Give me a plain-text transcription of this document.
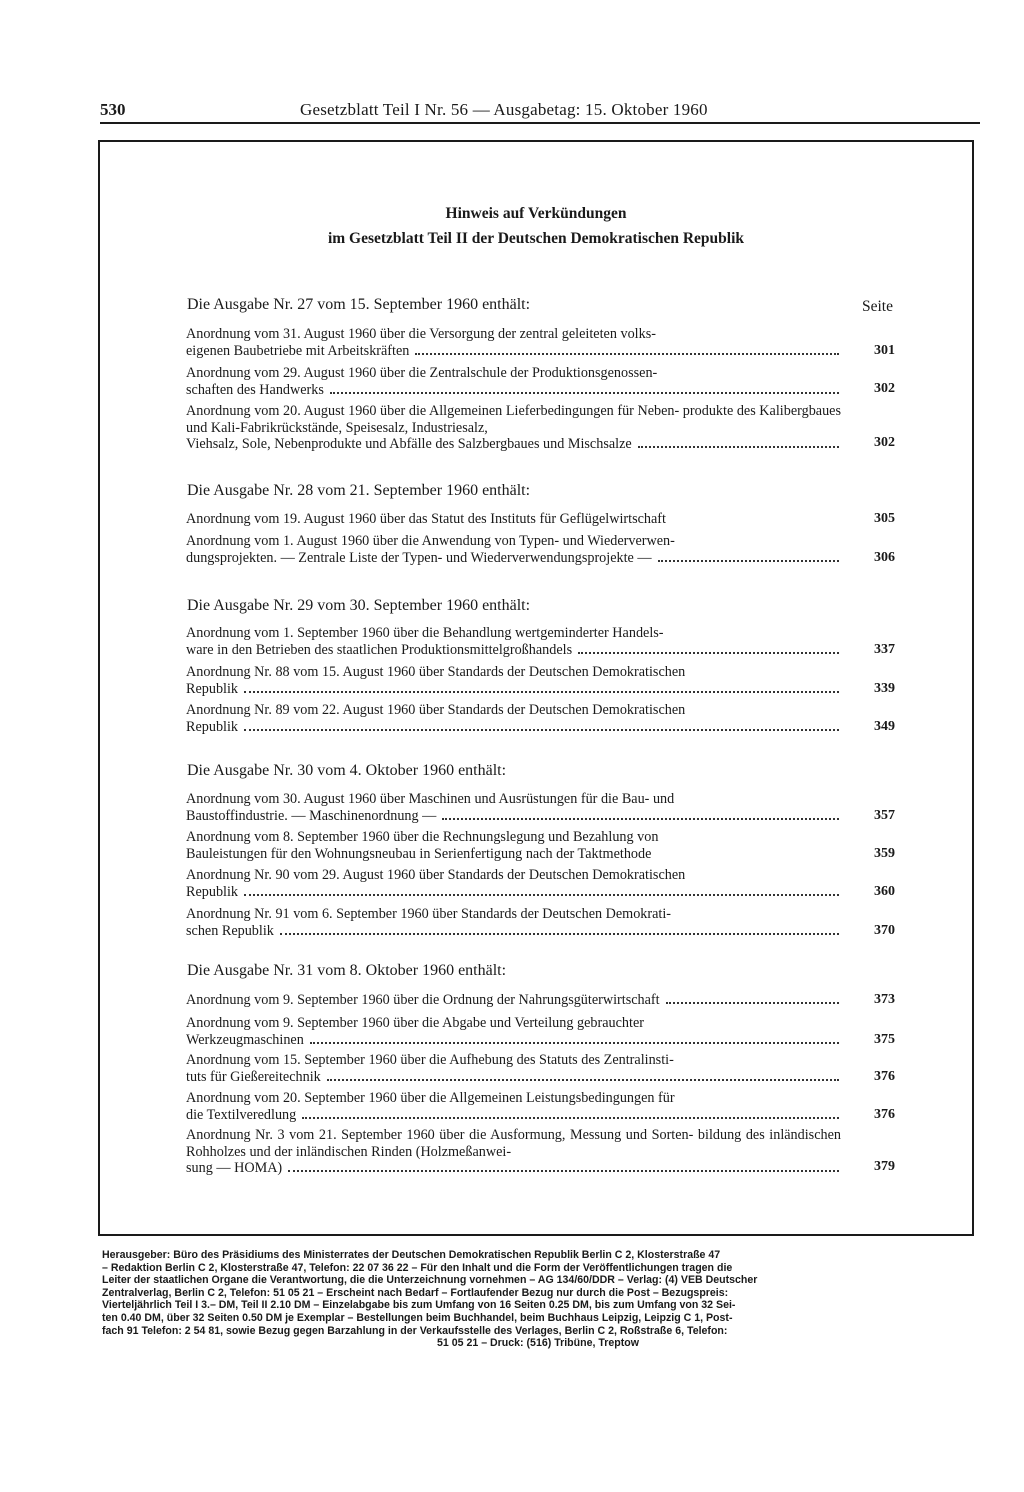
530	Gesetzblatt Teil I Nr. 56 — Ausgabetag: 15. Oktober 1960
Hinweis auf Verkündungen
im Gesetzblatt Teil II der Deutschen Demokratischen Republik
Die Ausgabe Nr. 27 vom 15. September 1960 enthält:	Seite
Anordnung vom 31. August 1960 über die Versorgung der zentral geleiteten volks-
eigenen Baubetriebe mit Arbeitskräften	301
Anordnung vom 29. August 1960 über die Zentralschule der Produktionsgenossen-
schaften des Handwerks	302
Anordnung vom 20. August 1960 über die Allgemeinen Lieferbedingungen für Neben- produkte des Kalibergbaues und Kali-Fabrikrückstände, Speisesalz, Industriesalz,
Viehsalz, Sole, Nebenprodukte und Abfälle des Salzbergbaues und Mischsalze	302
Die Ausgabe Nr. 28 vom 21. September 1960 enthält:
Anordnung vom 19. August 1960 über das Statut des Instituts für Geflügelwirtschaft	305
Anordnung vom 1. August 1960 über die Anwendung von Typen- und Wiederverwen-
dungsprojekten. — Zentrale Liste der Typen- und Wiederverwendungsprojekte —	306
Die Ausgabe Nr. 29 vom 30. September 1960 enthält:
Anordnung vom 1. September 1960 über die Behandlung wertgeminderter Handels-
ware in den Betrieben des staatlichen Produktionsmittelgroßhandels	337
Anordnung Nr. 88 vom 15. August 1960 über Standards der Deutschen Demokratischen
Republik	339
Anordnung Nr. 89 vom 22. August 1960 über Standards der Deutschen Demokratischen
Republik	349
Die Ausgabe Nr. 30 vom 4. Oktober 1960 enthält:
Anordnung vom 30. August 1960 über Maschinen und Ausrüstungen für die Bau- und
Baustoffindustrie. — Maschinenordnung —	357
Anordnung vom 8. September 1960 über die Rechnungslegung und Bezahlung von
Bauleistungen für den Wohnungsneubau in Serienfertigung nach der Taktmethode	359
Anordnung Nr. 90 vom 29. August 1960 über Standards der Deutschen Demokratischen
Republik	360
Anordnung Nr. 91 vom 6. September 1960 über Standards der Deutschen Demokrati-
schen Republik	370
Die Ausgabe Nr. 31 vom 8. Oktober 1960 enthält:
Anordnung vom 9. September 1960 über die Ordnung der Nahrungsgüterwirtschaft	373
Anordnung vom 9. September 1960 über die Abgabe und Verteilung gebrauchter
Werkzeugmaschinen	375
Anordnung vom 15. September 1960 über die Aufhebung des Statuts des Zentralinsti-
tuts für Gießereitechnik	376
Anordnung vom 20. September 1960 über die Allgemeinen Leistungsbedingungen für
die Textilveredlung	376
Anordnung Nr. 3 vom 21. September 1960 über die Ausformung, Messung und Sorten- bildung des inländischen Rohholzes und der inländischen Rinden (Holzmeßanwei-
sung — HOMA)	379
Herausgeber: Büro des Präsidiums des Ministerrates der Deutschen Demokratischen Republik Berlin C 2, Klosterstraße 47
– Redaktion Berlin C 2, Klosterstraße 47, Telefon: 22 07 36 22 – Für den Inhalt und die Form der Veröffentlichungen tragen die
Leiter der staatlichen Organe die Verantwortung, die die Unterzeichnung vornehmen – AG 134/60/DDR – Verlag: (4) VEB Deutscher
Zentralverlag, Berlin C 2, Telefon: 51 05 21 – Erscheint nach Bedarf – Fortlaufender Bezug nur durch die Post – Bezugspreis:
Vierteljährlich Teil I 3.– DM, Teil II 2.10 DM – Einzelabgabe bis zum Umfang von 16 Seiten 0.25 DM, bis zum Umfang von 32 Sei-
ten 0.40 DM, über 32 Seiten 0.50 DM je Exemplar – Bestellungen beim Buchhandel, beim Buchhaus Leipzig, Leipzig C 1, Post-
fach 91 Telefon: 2 54 81, sowie Bezug gegen Barzahlung in der Verkaufsstelle des Verlages, Berlin C 2, Roßstraße 6, Telefon:
51 05 21 – Druck: (516) Tribüne, Treptow
